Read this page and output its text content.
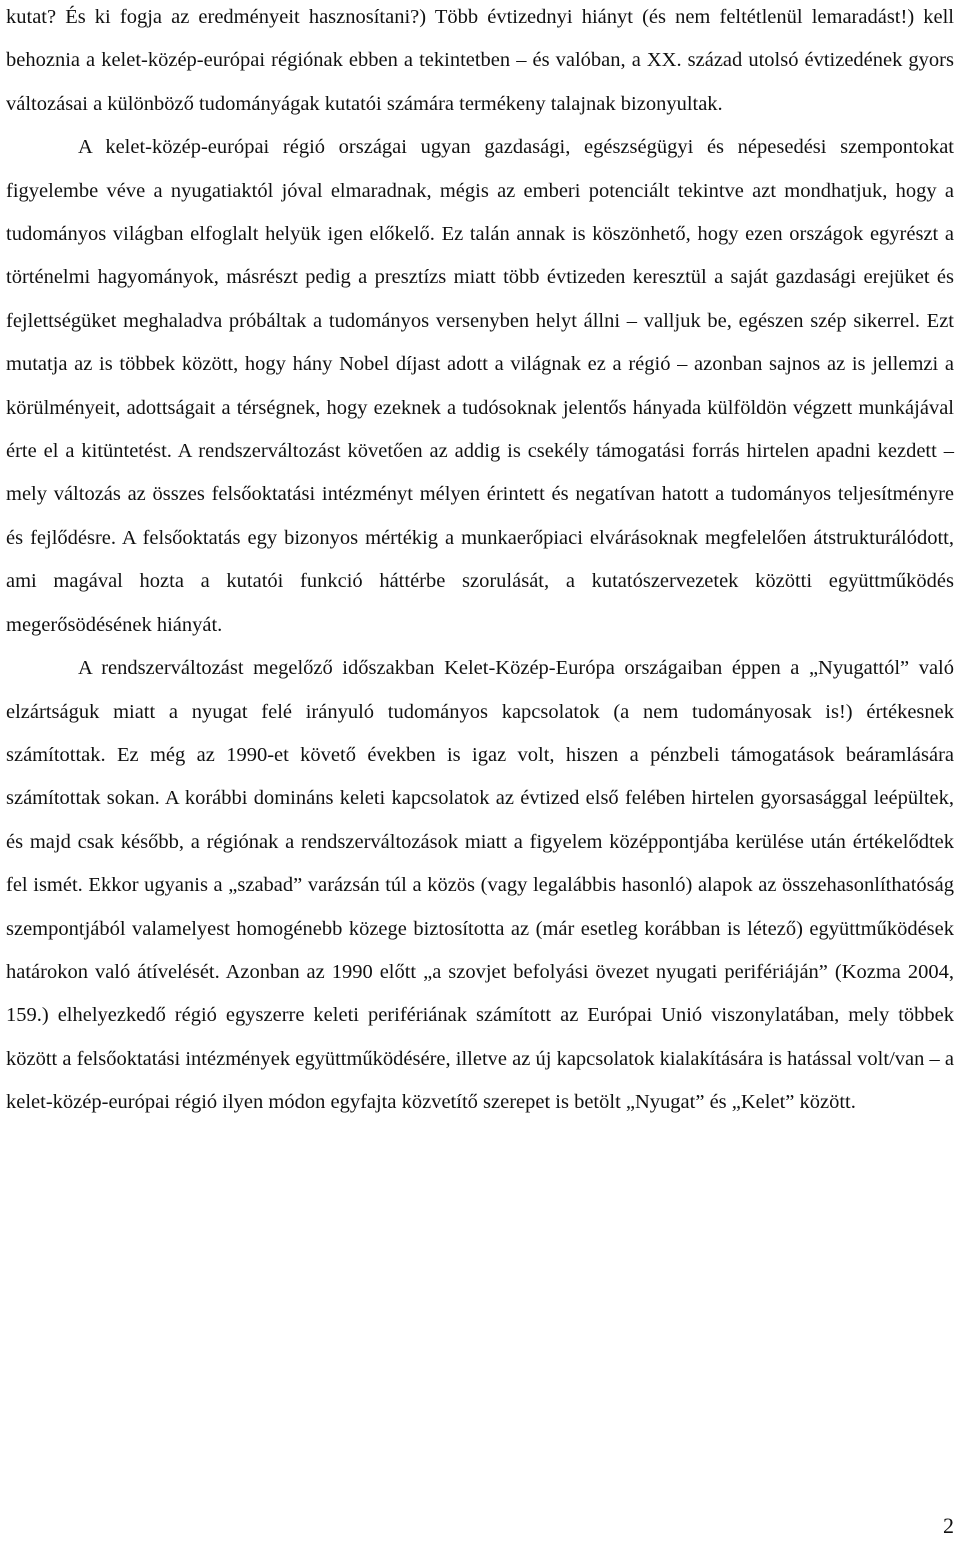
kutat? És ki fogja az eredményeit hasznosítani?) Több évtizednyi hiányt (és nem feltétlenül lemaradást!) kell behoznia a kelet-közép-európai régiónak ebben a tekintetben – és valóban, a XX. század utolsó évtizedének gyors változásai a különböző tudományágak kutatói számára termékeny talajnak bizonyultak.

A kelet-közép-európai régió országai ugyan gazdasági, egészségügyi és népesedési szempontokat figyelembe véve a nyugatiaktól jóval elmaradnak, mégis az emberi potenciált tekintve azt mondhatjuk, hogy a tudományos világban elfoglalt helyük igen előkelő. Ez talán annak is köszönhető, hogy ezen országok egyrészt a történelmi hagyományok, másrészt pedig a presztízs miatt több évtizeden keresztül a saját gazdasági erejüket és fejlettségüket meghaladva próbáltak a tudományos versenyben helyt állni – valljuk be, egészen szép sikerrel. Ezt mutatja az is többek között, hogy hány Nobel díjast adott a világnak ez a régió – azonban sajnos az is jellemzi a körülményeit, adottságait a térségnek, hogy ezeknek a tudósoknak jelentős hányada külföldön végzett munkájával érte el a kitüntetést. A rendszerváltozást követően az addig is csekély támogatási forrás hirtelen apadni kezdett – mely változás az összes felsőoktatási intézményt mélyen érintett és negatívan hatott a tudományos teljesítményre és fejlődésre. A felsőoktatás egy bizonyos mértékig a munkaerőpiaci elvárásoknak megfelelően átstrukturálódott, ami magával hozta a kutatói funkció háttérbe szorulását, a kutatószervezetek közötti együttműködés megerősödésének hiányát.

A rendszerváltozást megelőző időszakban Kelet-Közép-Európa országaiban éppen a „Nyugattól” való elzártságuk miatt a nyugat felé irányuló tudományos kapcsolatok (a nem tudományosak is!) értékesnek számítottak. Ez még az 1990-et követő években is igaz volt, hiszen a pénzbeli támogatások beáramlására számítottak sokan. A korábbi domináns keleti kapcsolatok az évtized első felében hirtelen gyorsasággal leépültek, és majd csak később, a régiónak a rendszerváltozások miatt a figyelem középpontjába kerülése után értékelődtek fel ismét. Ekkor ugyanis a „szabad” varázsán túl a közös (vagy legalábbis hasonló) alapok az összehasonlíthatóság szempontjából valamelyest homogénebb közege biztosította az (már esetleg korábban is létező) együttműködések határokon való átívelését. Azonban az 1990 előtt „a szovjet befolyási övezet nyugati perifériáján” (Kozma 2004, 159.) elhelyezkedő régió egyszerre keleti perifériának számított az Európai Unió viszonylatában, mely többek között a felsőoktatási intézmények együttműködésére, illetve az új kapcsolatok kialakítására is hatással volt/van – a kelet-közép-európai régió ilyen módon egyfajta közvetítő szerepet is betölt „Nyugat” és „Kelet” között.

2
